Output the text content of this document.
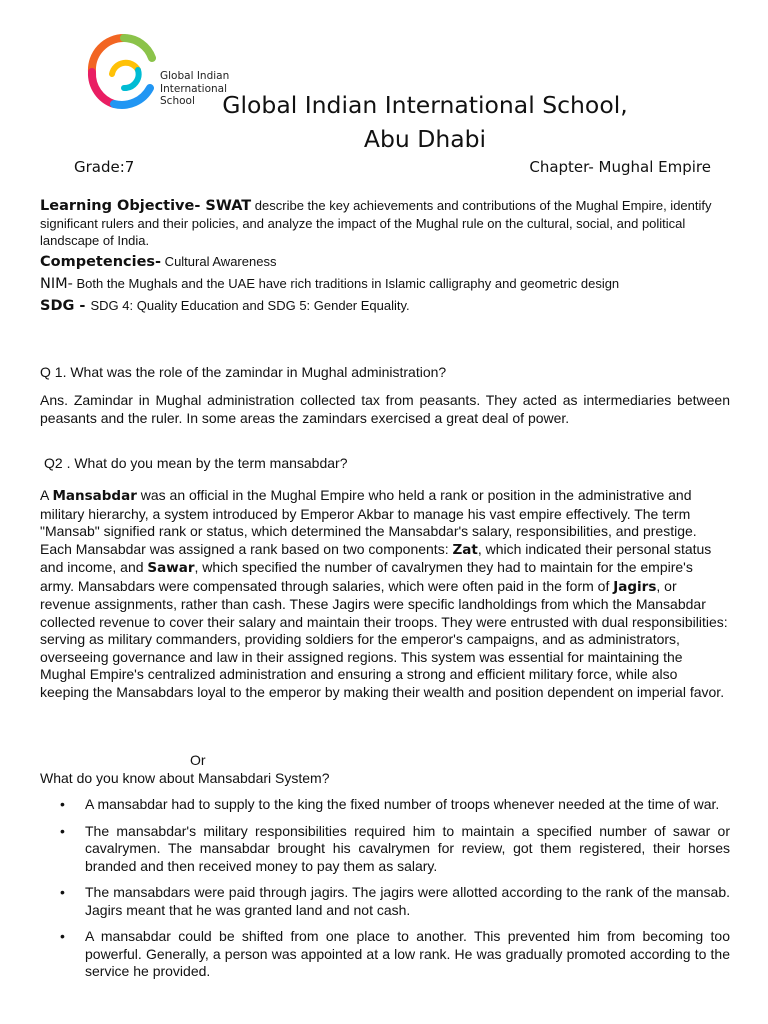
Global Indian
International
School	Global Indian International School,
Abu Dhabi
Grade:7	Chapter- Mughal Empire
Learning Objective- SWAT describe the key achievements and contributions of the Mughal Empire, identify significant rulers and their policies, and analyze the impact of the Mughal rule on the cultural, social, and political landscape of India.
Competencies- Cultural Awareness
NIM- Both the Mughals and the UAE have rich traditions in Islamic calligraphy and geometric design
SDG - SDG 4: Quality Education and SDG 5: Gender Equality.
Q 1. What was the role of the zamindar in Mughal administration?
Ans. Zamindar in Mughal administration collected tax from peasants. They acted as intermediaries between peasants and the ruler. In some areas the zamindars exercised a great deal of power.
Q2 . What do you mean by the term mansabdar?
A Mansabdar was an official in the Mughal Empire who held a rank or position in the administrative and military hierarchy, a system introduced by Emperor Akbar to manage his vast empire effectively. The term "Mansab" signified rank or status, which determined the Mansabdar's salary, responsibilities, and prestige. Each Mansabdar was assigned a rank based on two components: Zat, which indicated their personal status and income, and Sawar, which specified the number of cavalrymen they had to maintain for the empire's army. Mansabdars were compensated through salaries, which were often paid in the form of Jagirs, or revenue assignments, rather than cash. These Jagirs were specific landholdings from which the Mansabdar collected revenue to cover their salary and maintain their troops. They were entrusted with dual responsibilities: serving as military commanders, providing soldiers for the emperor's campaigns, and as administrators, overseeing governance and law in their assigned regions. This system was essential for maintaining the Mughal Empire's centralized administration and ensuring a strong and efficient military force, while also keeping the Mansabdars loyal to the emperor by making their wealth and position dependent on imperial favor.
Or
What do you know about Mansabdari System?
• A mansabdar had to supply to the king the fixed number of troops whenever needed at the time of war.
• The mansabdar's military responsibilities required him to maintain a specified number of sawar or cavalrymen. The mansabdar brought his cavalrymen for review, got them registered, their horses branded and then received money to pay them as salary.
• The mansabdars were paid through jagirs. The jagirs were allotted according to the rank of the mansab. Jagirs meant that he was granted land and not cash.
• A mansabdar could be shifted from one place to another. This prevented him from becoming too powerful. Generally, a person was appointed at a low rank. He was gradually promoted according to the service he provided.
